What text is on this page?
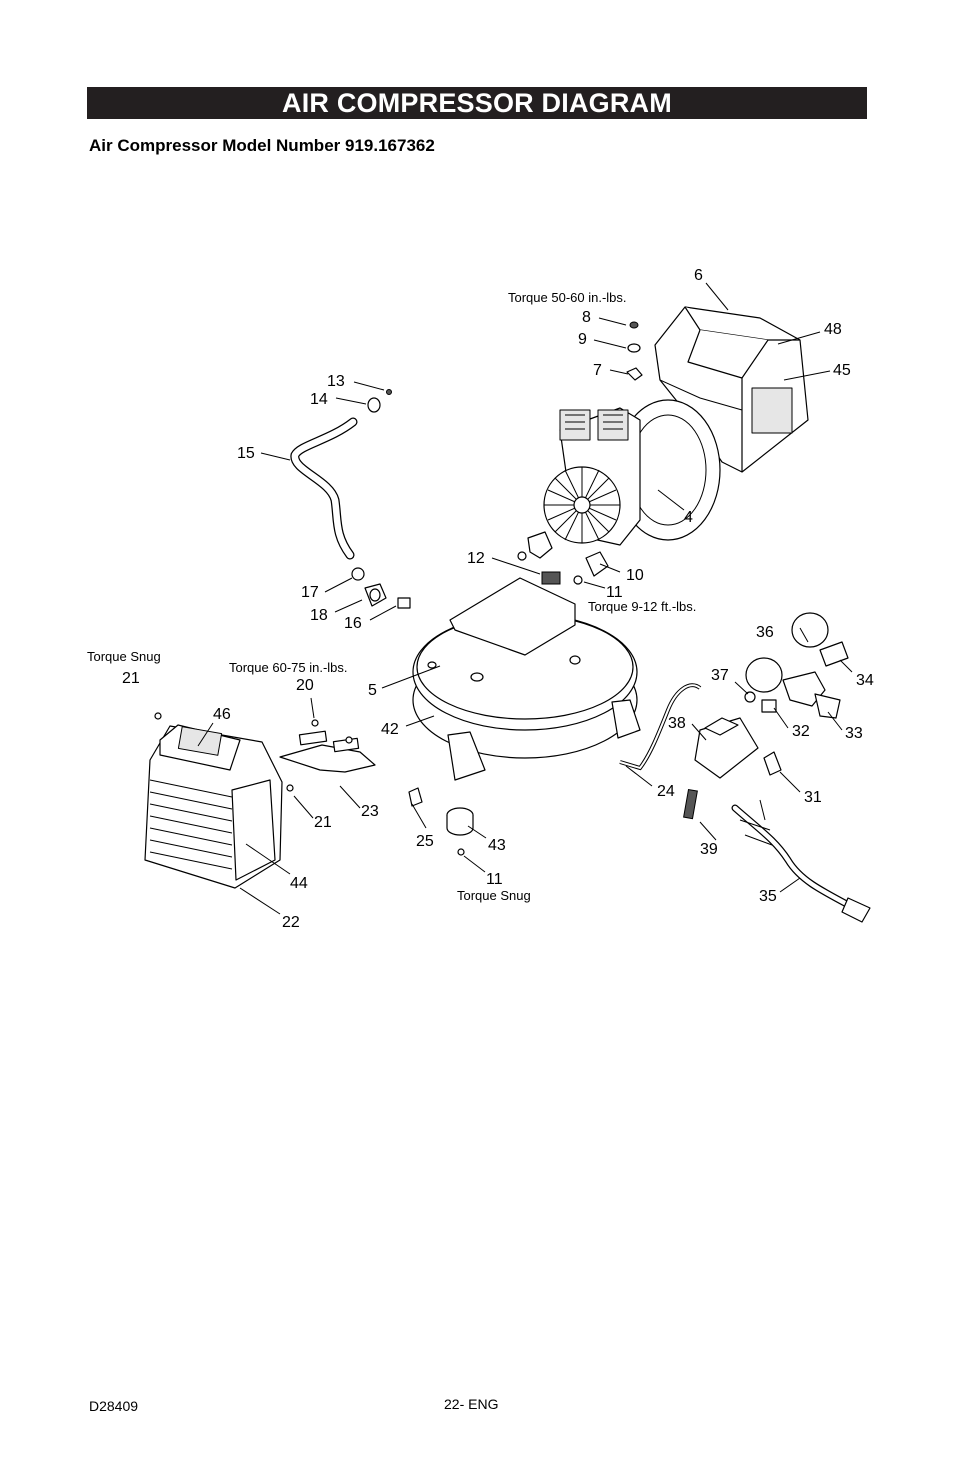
AIR COMPRESSOR DIAGRAM
Air Compressor Model Number 919.167362
6
48
45
8
9
7
13
14
15
4
12
10
11
17
18 16
36
34
37
5
21	20
46
42	38	32 33
24	31
23
21
25	43	39
44	11
35
22
Torque 50-60 in.-lbs.
Torque 9-12 ft.-lbs.
Torque Snug
Torque 60-75 in.-lbs.
Torque Snug
D28409	22- ENG
